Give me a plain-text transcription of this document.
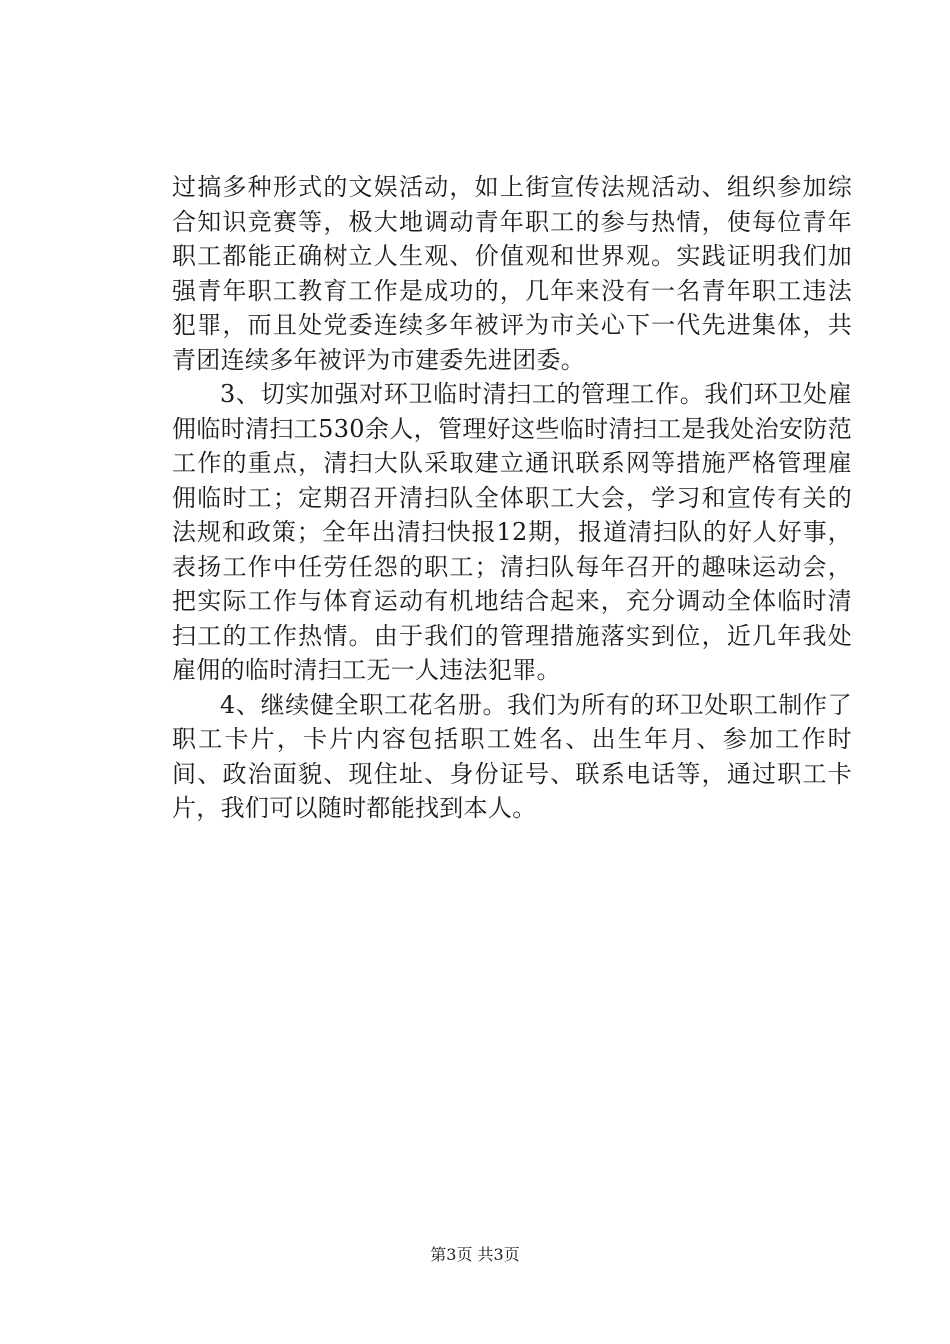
过搞多种形式的文娱活动，如上街宣传法规活动、组织参加综合知识竞赛等，极大地调动青年职工的参与热情，使每位青年职工都能正确树立人生观、价值观和世界观。实践证明我们加强青年职工教育工作是成功的，几年来没有一名青年职工违法犯罪，而且处党委连续多年被评为市关心下一代先进集体，共青团连续多年被评为市建委先进团委。

3、切实加强对环卫临时清扫工的管理工作。我们环卫处雇佣临时清扫工530余人，管理好这些临时清扫工是我处治安防范工作的重点，清扫大队采取建立通讯联系网等措施严格管理雇佣临时工；定期召开清扫队全体职工大会，学习和宣传有关的法规和政策；全年出清扫快报12期，报道清扫队的好人好事，表扬工作中任劳任怨的职工；清扫队每年召开的趣味运动会，把实际工作与体育运动有机地结合起来，充分调动全体临时清扫工的工作热情。由于我们的管理措施落实到位，近几年我处雇佣的临时清扫工无一人违法犯罪。

4、继续健全职工花名册。我们为所有的环卫处职工制作了职工卡片，卡片内容包括职工姓名、出生年月、参加工作时间、政治面貌、现住址、身份证号、联系电话等，通过职工卡片，我们可以随时都能找到本人。

第3页 共3页
